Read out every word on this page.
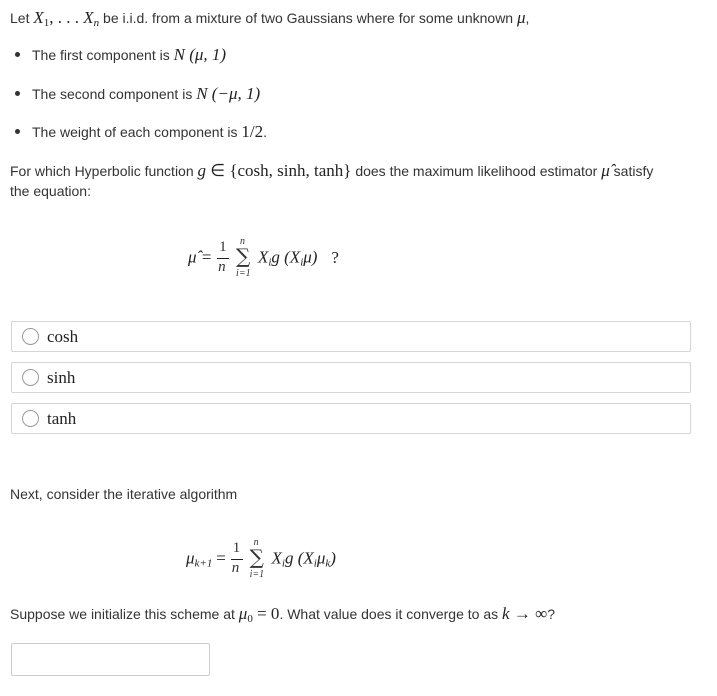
Let $X_1$, . . . $X_n$ be i.i.d. from a mixture of two Gaussians where for some unknown μ,
The first component is N (μ, 1)
The second component is N (−μ, 1)
The weight of each component is 1/2.
For which Hyperbolic function g ∈ {cosh, sinh, tanh} does the maximum likelihood estimator μ̂ satisfy
the equation:
μ̂ = $\frac{1}{n}$
n
∑
i=1
$X_ig$ $(X_i\mu)$ ?
cosh
sinh
tanh
Next, consider the iterative algorithm
$\mu_{k+1} = \frac{1}{n}$
n
∑
i=1
$X_ig$ $(X_i\mu_k)$
Suppose we initialize this scheme at $\mu_0 = 0$. What value does it converge to as k → ∞?
